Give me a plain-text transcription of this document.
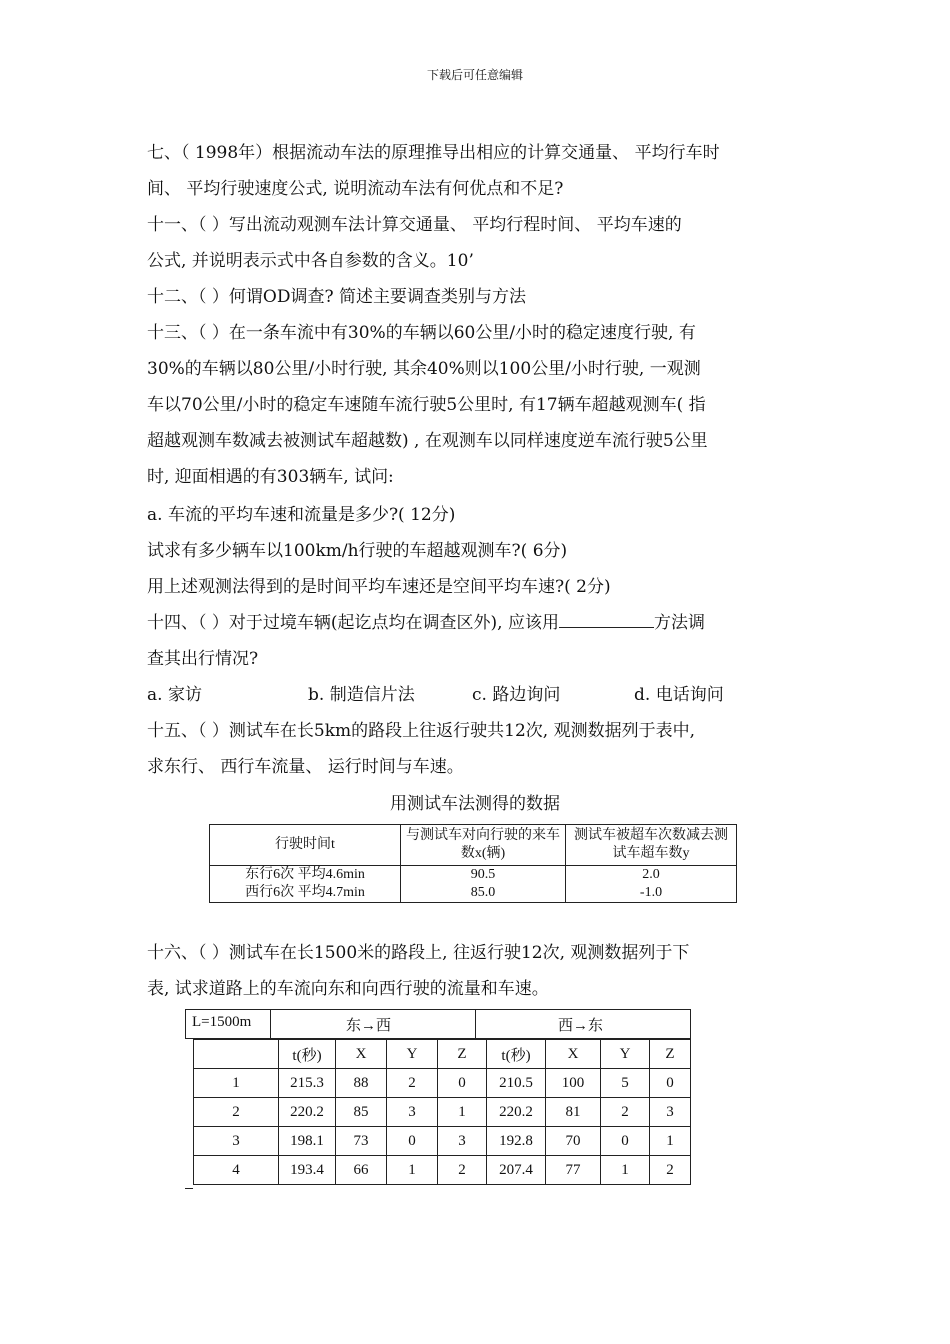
下载后可任意编辑
七、（ 1998年）根据流动车法的原理推导出相应的计算交通量、 平均行车时
间、 平均行驶速度公式, 说明流动车法有何优点和不足?
十一、（ ）写出流动观测车法计算交通量、 平均行程时间、 平均车速的
公式, 并说明表示式中各自参数的含义。10’
十二、（ ）何谓OD调查? 简述主要调查类别与方法
十三、（ ）在一条车流中有30%的车辆以60公里/小时的稳定速度行驶, 有
30%的车辆以80公里/小时行驶, 其余40%则以100公里/小时行驶, 一观测
车以70公里/小时的稳定车速随车流行驶5公里时, 有17辆车超越观测车( 指
超越观测车数减去被测试车超越数) , 在观测车以同样速度逆车流行驶5公里
时, 迎面相遇的有303辆车, 试问:
a. 车流的平均车速和流量是多少?( 12分)
试求有多少辆车以100km/h行驶的车超越观测车?( 6分)
用上述观测法得到的是时间平均车速还是空间平均车速?( 2分)
十四、（ ）对于过境车辆(起讫点均在调查区外), 应该用	方法调
查其出行情况?
a. 家访	b. 制造信片法	c. 路边询问	d. 电话询问
十五、（ ）测试车在长5km的路段上往返行驶共12次, 观测数据列于表中,
求东行、 西行车流量、 运行时间与车速。
用测试车法测得的数据
行驶时间t	与测试车对向行驶的来车数x(辆)	测试车被超车次数减去测试车超车数y
东行6次 平均4.6min	90.5	2.0
西行6次 平均4.7min	85.0	-1.0
十六、（ ）测试车在长1500米的路段上, 往返行驶12次, 观测数据列于下
表, 试求道路上的车流向东和向西行驶的流量和车速。
L=1500m	东→西	西→东
	t(秒)	X	Y	Z	t(秒)	X	Y	Z
1	215.3	88	2	0	210.5	100	5	0
2	220.2	85	3	1	220.2	81	2	3
3	198.1	73	0	3	192.8	70	0	1
4	193.4	66	1	2	207.4	77	1	2
